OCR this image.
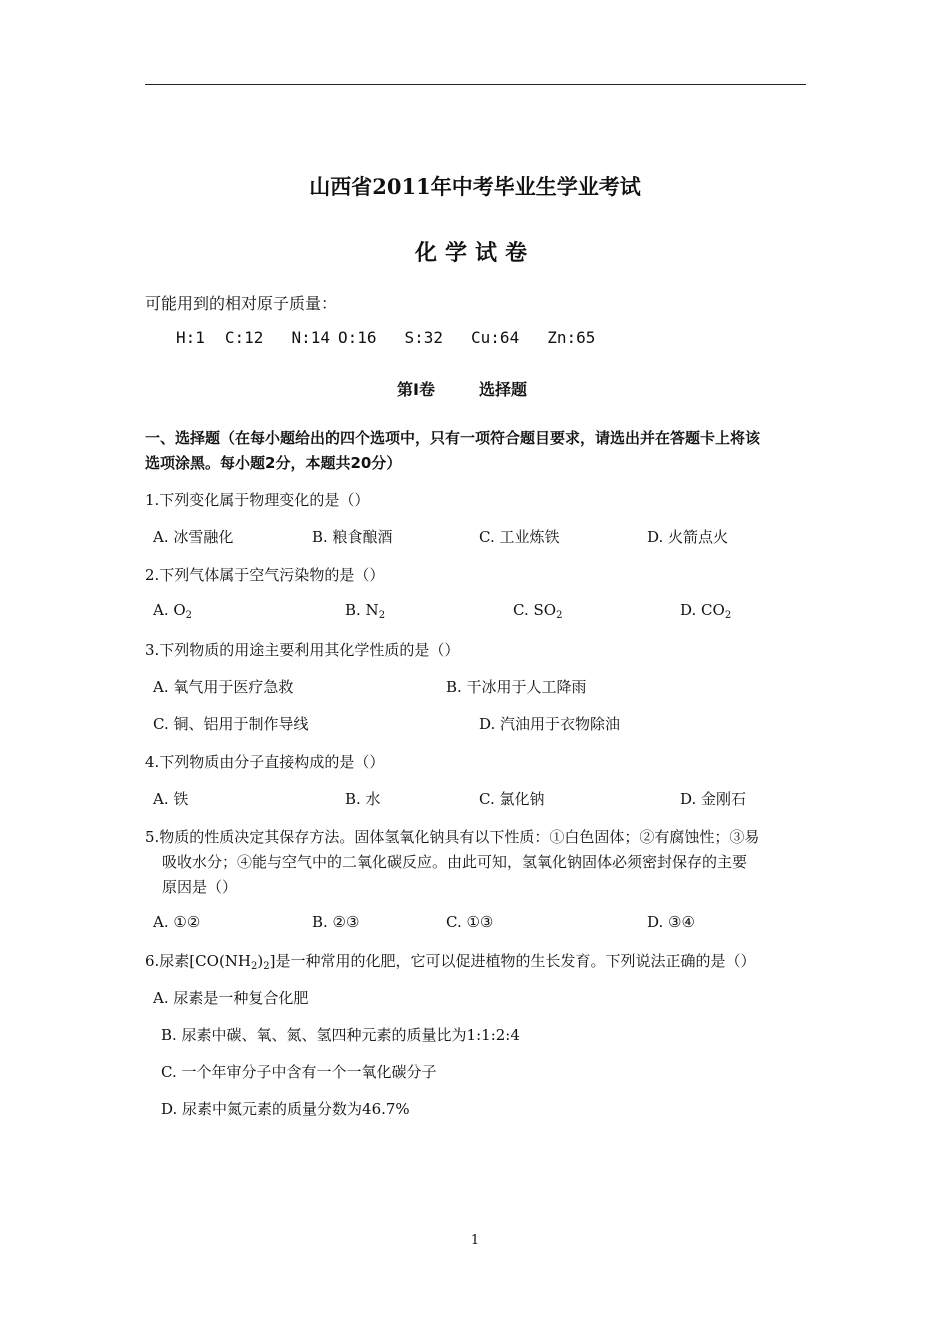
山西省2011年中考毕业生学业考试
化学试卷
可能用到的相对原子质量：
H:1 C:12 N:14 O:16 S:32 Cu:64 Zn:65
第Ⅰ卷	选择题
一、选择题（在每小题给出的四个选项中，只有一项符合题目要求，请选出并在答题卡上将该
选项涂黑。每小题2分，本题共20分）
1.下列变化属于物理变化的是（）
A. 冰雪融化	B. 粮食酿酒	C. 工业炼铁	D. 火箭点火
2.下列气体属于空气污染物的是（）
A. $O_2$	B. $N_2$	C. $SO_2$	D. $CO_2$
3.下列物质的用途主要利用其化学性质的是（）
A. 氧气用于医疗急救	B. 干冰用于人工降雨
C. 铜、铝用于制作导线	D. 汽油用于衣物除油
4.下列物质由分子直接构成的是（）
A. 铁	B. 水	C. 氯化钠	D. 金刚石
5.物质的性质决定其保存方法。固体氢氧化钠具有以下性质：①白色固体；②有腐蚀性；③易
吸收水分；④能与空气中的二氧化碳反应。由此可知，氢氧化钠固体必须密封保存的主要
原因是（）
A. ①②	B. ②③	C. ①③	D. ③④
6.尿素$[CO(NH_2)_2]$是一种常用的化肥，它可以促进植物的生长发育。下列说法正确的是（）
A. 尿素是一种复合化肥
B. 尿素中碳、氧、氮、氢四种元素的质量比为1:1:2:4
C. 一个年审分子中含有一个一氧化碳分子
D. 尿素中氮元素的质量分数为46.7%
1
